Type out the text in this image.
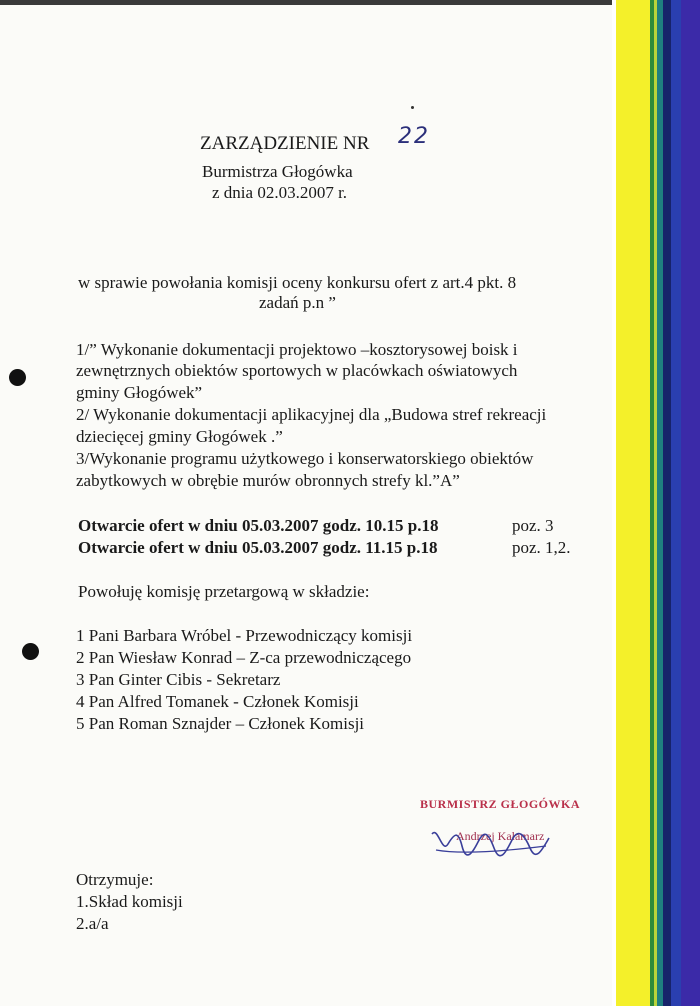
ZARZĄDZIENIE NR 22
Burmistrza Głogówka
z dnia 02.03.2007 r.
w sprawie powołania komisji oceny konkursu ofert z art.4 pkt. 8
zadań p.n ”
1/” Wykonanie dokumentacji projektowo –kosztorysowej boisk i
zewnętrznych obiektów sportowych w placówkach oświatowych
gminy Głogówek”
2/ Wykonanie dokumentacji aplikacyjnej dla „Budowa stref rekreacji
dziecięcej gminy Głogówek .”
3/Wykonanie programu użytkowego i konserwatorskiego obiektów
zabytkowych w obrębie murów obronnych strefy kl.”A”
Otwarcie ofert w dniu 05.03.2007 godz. 10.15 p.18	poz. 3
Otwarcie ofert w dniu 05.03.2007 godz. 11.15 p.18	poz. 1,2.
Powołuję komisję przetargową w składzie:
1 Pani Barbara Wróbel - Przewodniczący komisji
2 Pan Wiesław Konrad – Z-ca przewodniczącego
3 Pan Ginter Cibis - Sekretarz
4 Pan Alfred Tomanek - Członek Komisji
5 Pan Roman Sznajder – Członek Komisji
BURMISTRZ GŁOGÓWKA
Andrzej Kałamarz
Otrzymuje:
1.Skład komisji
2.a/a
